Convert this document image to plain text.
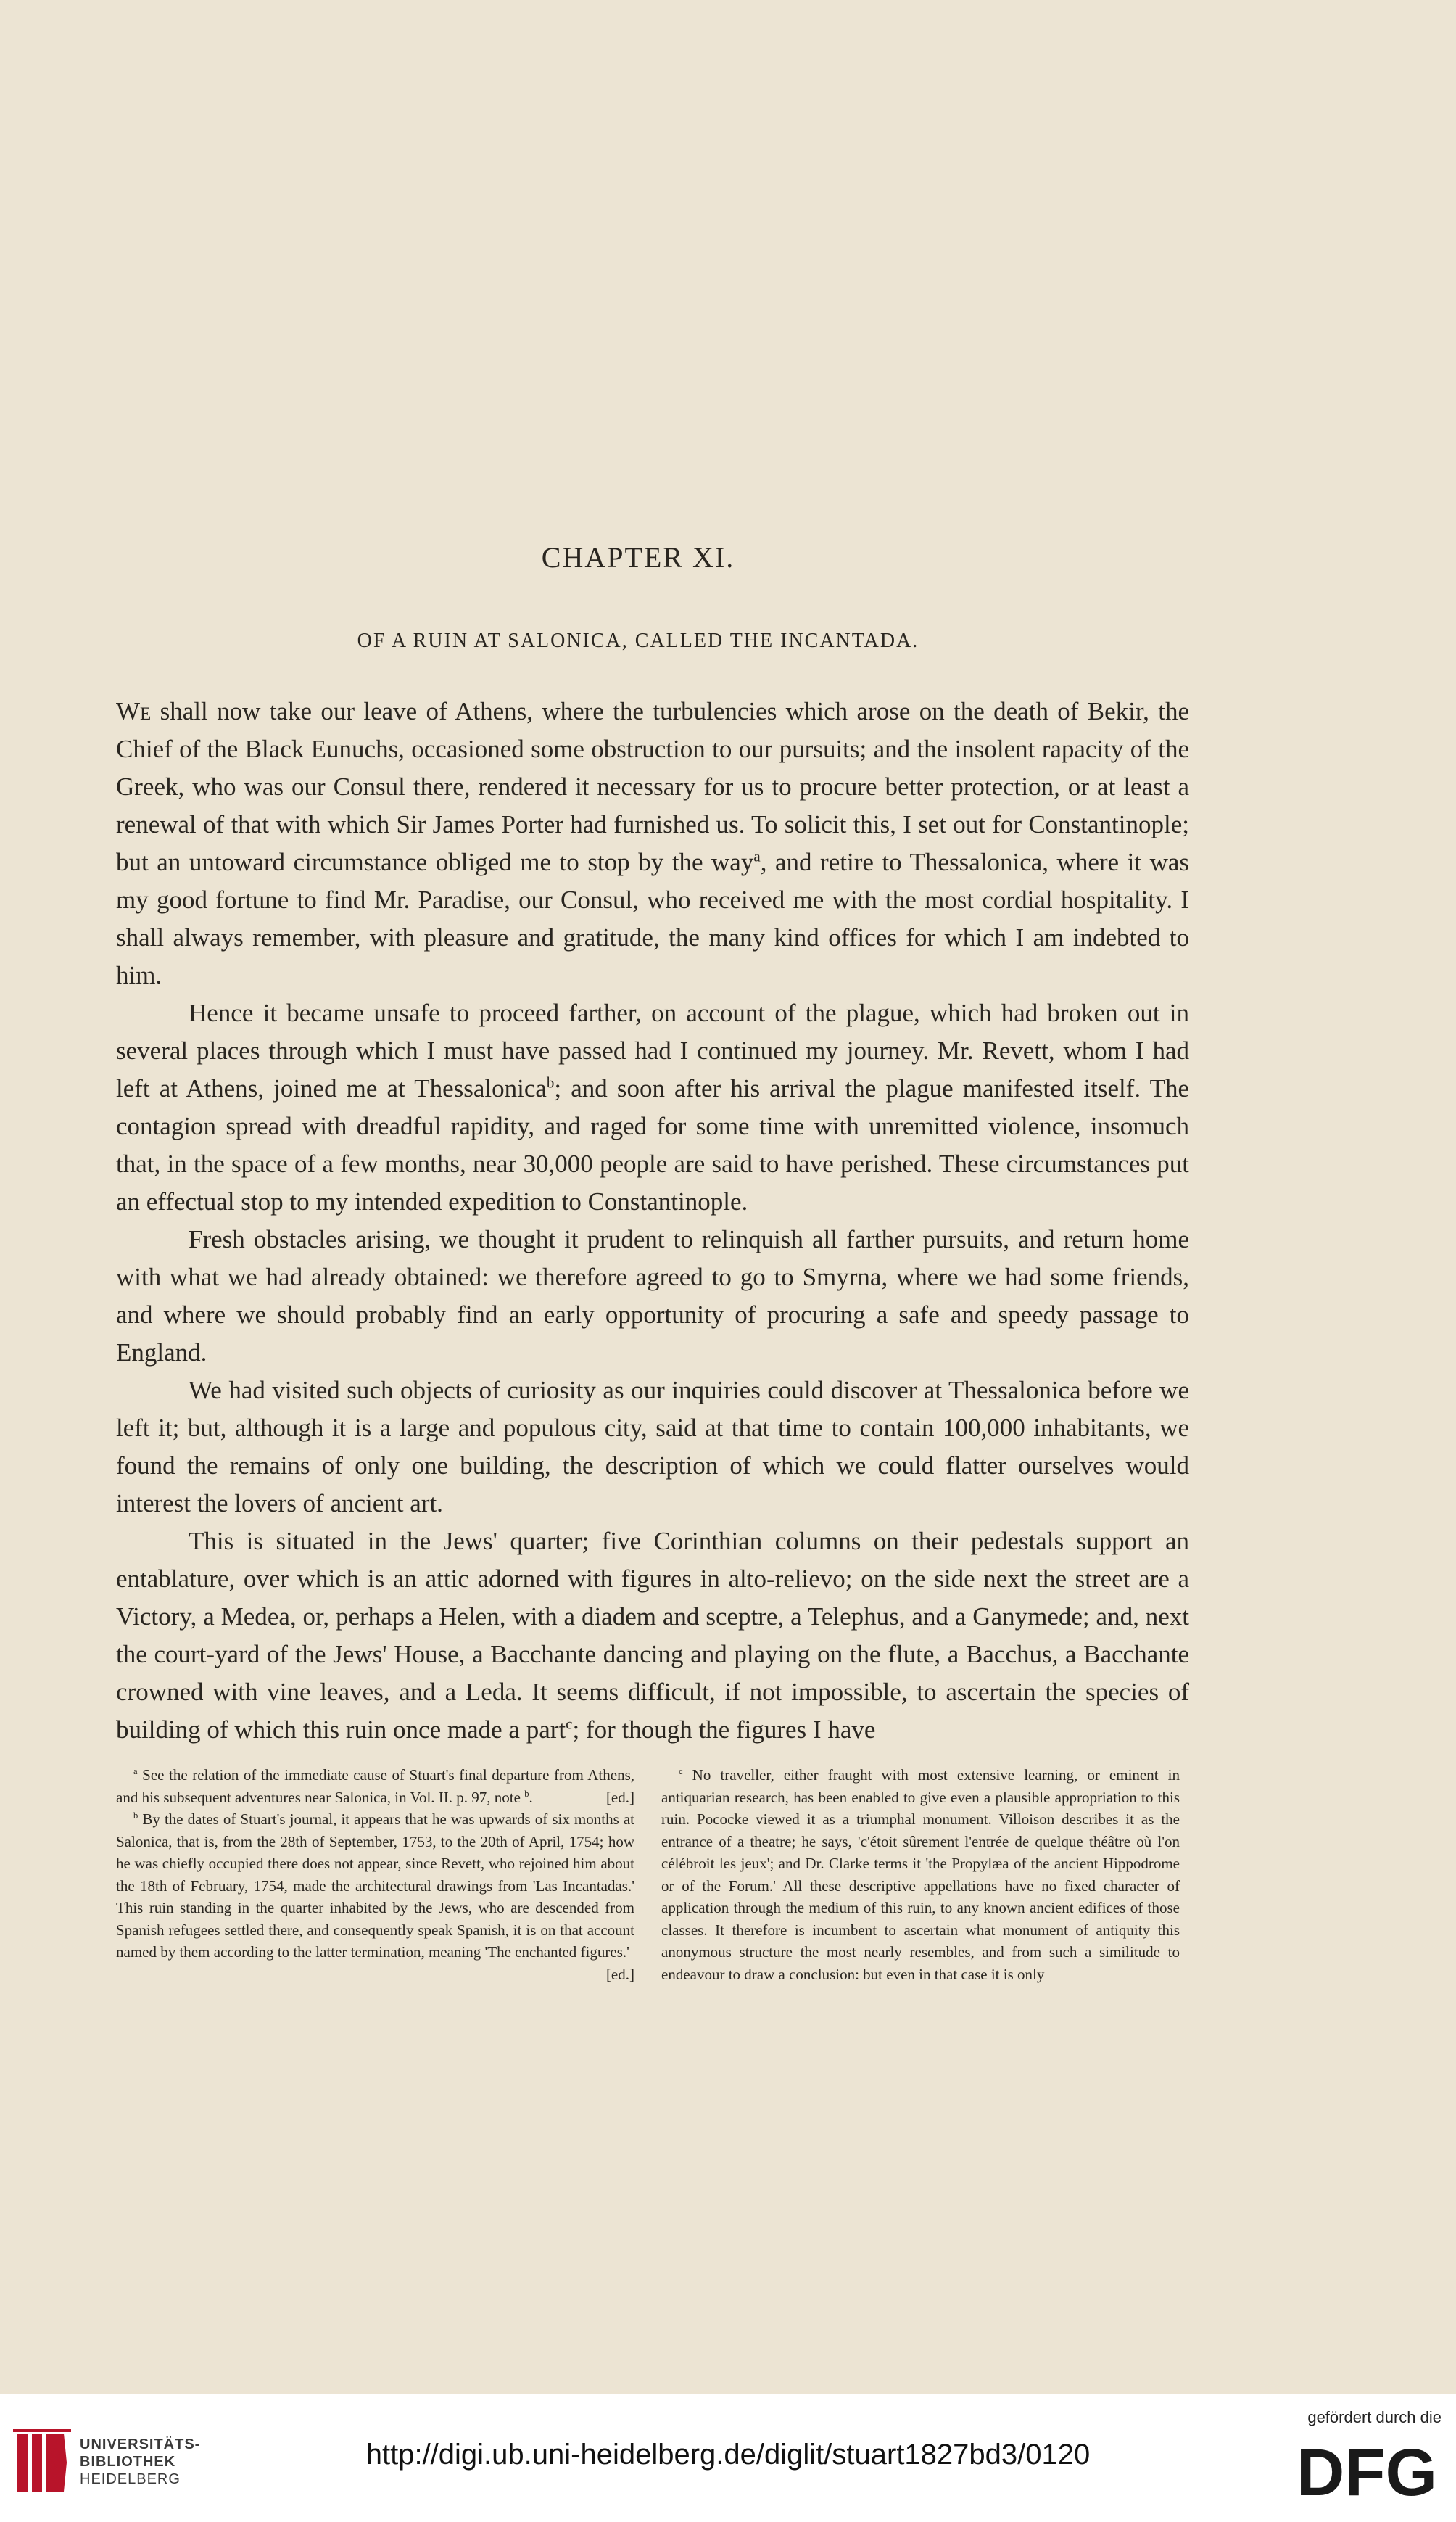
CHAPTER XI.
OF A RUIN AT SALONICA, CALLED THE INCANTADA.

We shall now take our leave of Athens, where the turbulencies which arose on the death of Bekir, the Chief of the Black Eunuchs, occasioned some obstruction to our pursuits; and the insolent rapacity of the Greek, who was our Consul there, rendered it necessary for us to procure better protection, or at least a renewal of that with which Sir James Porter had furnished us. To solicit this, I set out for Constantinople; but an untoward circumstance obliged me to stop by the way$^a$, and retire to Thessalonica, where it was my good fortune to find Mr. Paradise, our Consul, who received me with the most cordial hospitality. I shall always remember, with pleasure and gratitude, the many kind offices for which I am indebted to him.

Hence it became unsafe to proceed farther, on account of the plague, which had broken out in several places through which I must have passed had I continued my journey. Mr. Revett, whom I had left at Athens, joined me at Thessalonica$^b$; and soon after his arrival the plague manifested itself. The contagion spread with dreadful rapidity, and raged for some time with unremitted violence, insomuch that, in the space of a few months, near 30,000 people are said to have perished. These circumstances put an effectual stop to my intended expedition to Constantinople.

Fresh obstacles arising, we thought it prudent to relinquish all farther pursuits, and return home with what we had already obtained: we therefore agreed to go to Smyrna, where we had some friends, and where we should probably find an early opportunity of procuring a safe and speedy passage to England.

We had visited such objects of curiosity as our inquiries could discover at Thessalonica before we left it; but, although it is a large and populous city, said at that time to contain 100,000 inhabitants, we found the remains of only one building, the description of which we could flatter ourselves would interest the lovers of ancient art.

This is situated in the Jews' quarter; five Corinthian columns on their pedestals support an entablature, over which is an attic adorned with figures in alto-relievo; on the side next the street are a Victory, a Medea, or, perhaps a Helen, with a diadem and sceptre, a Telephus, and a Ganymede; and, next the court-yard of the Jews' House, a Bacchante dancing and playing on the flute, a Bacchus, a Bacchante crowned with vine leaves, and a Leda. It seems difficult, if not impossible, to ascertain the species of building of which this ruin once made a part$^c$; for though the figures I have

$^a$ See the relation of the immediate cause of Stuart's final departure from Athens, and his subsequent adventures near Salonica, in Vol. II. p. 97, note $^b$.	[ed.]

$^b$ By the dates of Stuart's journal, it appears that he was upwards of six months at Salonica, that is, from the 28th of September, 1753, to the 20th of April, 1754; how he was chiefly occupied there does not appear, since Revett, who rejoined him about the 18th of February, 1754, made the architectural drawings from 'Las Incantadas.' This ruin standing in the quarter inhabited by the Jews, who are descended from Spanish refugees settled there, and consequently speak Spanish, it is on that account named by them according to the latter termination, meaning 'The enchanted figures.'
[ed.]

$^c$ No traveller, either fraught with most extensive learning, or eminent in antiquarian research, has been enabled to give even a plausible appropriation to this ruin. Pococke viewed it as a triumphal monument. Villoison describes it as the entrance of a theatre; he says, 'c'étoit sûrement l'entrée de quelque théâtre où l'on célébroit les jeux'; and Dr. Clarke terms it 'the Propylæa of the ancient Hippodrome or of the Forum.' All these descriptive appellations have no fixed character of application through the medium of this ruin, to any known ancient edifices of those classes. It therefore is incumbent to ascertain what monument of antiquity this anonymous structure the most nearly resembles, and from such a similitude to endeavour to draw a conclusion: but even in that case it is only

UNIVERSITÄTS-
BIBLIOTHEK
HEIDELBERG
http://digi.ub.uni-heidelberg.de/diglit/stuart1827bd3/0120
gefördert durch die
DFG
